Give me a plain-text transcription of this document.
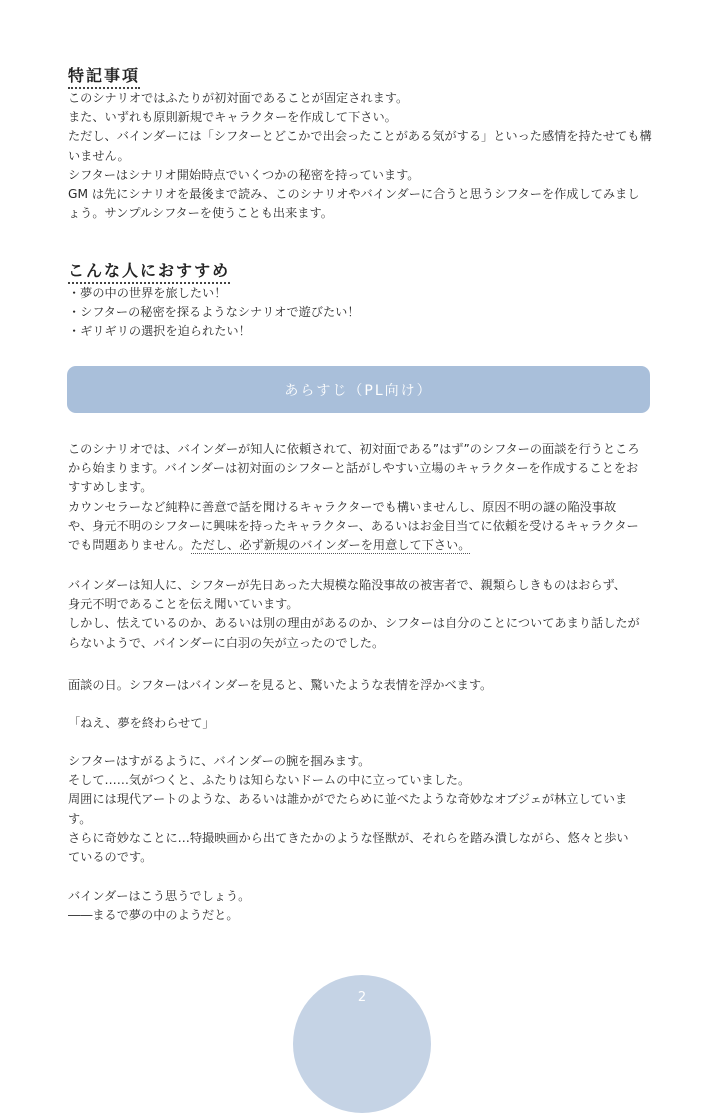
特記事項

このシナリオではふたりが初対面であることが固定されます。

また、いずれも原則新規でキャラクターを作成して下さい。

ただし、バインダーには「シフターとどこかで出会ったことがある気がする」といった感情を持たせても構

いません。

シフターはシナリオ開始時点でいくつかの秘密を持っています。

GM は先にシナリオを最後まで読み、このシナリオやバインダーに合うと思うシフターを作成してみまし

ょう。サンプルシフターを使うことも出来ます。

こんな人におすすめ

・夢の中の世界を旅したい！

・シフターの秘密を探るようなシナリオで遊びたい！

・ギリギリの選択を迫られたい！

あらすじ（PL向け）

このシナリオでは、バインダーが知人に依頼されて、初対面である”はず”のシフターの面談を行うところ

から始まります。バインダーは初対面のシフターと話がしやすい立場のキャラクターを作成することをお

すすめします。

カウンセラーなど純粋に善意で話を聞けるキャラクターでも構いませんし、原因不明の謎の陥没事故

や、身元不明のシフターに興味を持ったキャラクター、あるいはお金目当てに依頼を受けるキャラクター

でも問題ありません。ただし、必ず新規のバインダーを用意して下さい。

バインダーは知人に、シフターが先日あった大規模な陥没事故の被害者で、親類らしきものはおらず、

身元不明であることを伝え聞いています。

しかし、怯えているのか、あるいは別の理由があるのか、シフターは自分のことについてあまり話したが

らないようで、バインダーに白羽の矢が立ったのでした。

面談の日。シフターはバインダーを見ると、驚いたような表情を浮かべます。

「ねえ、夢を終わらせて」

シフターはすがるように、バインダーの腕を掴みます。

そして……気がつくと、ふたりは知らないドームの中に立っていました。

周囲には現代アートのような、あるいは誰かがでたらめに並べたような奇妙なオブジェが林立していま

す。

さらに奇妙なことに…特撮映画から出てきたかのような怪獣が、それらを踏み潰しながら、悠々と歩い

ているのです。

バインダーはこう思うでしょう。

――まるで夢の中のようだと。

2
